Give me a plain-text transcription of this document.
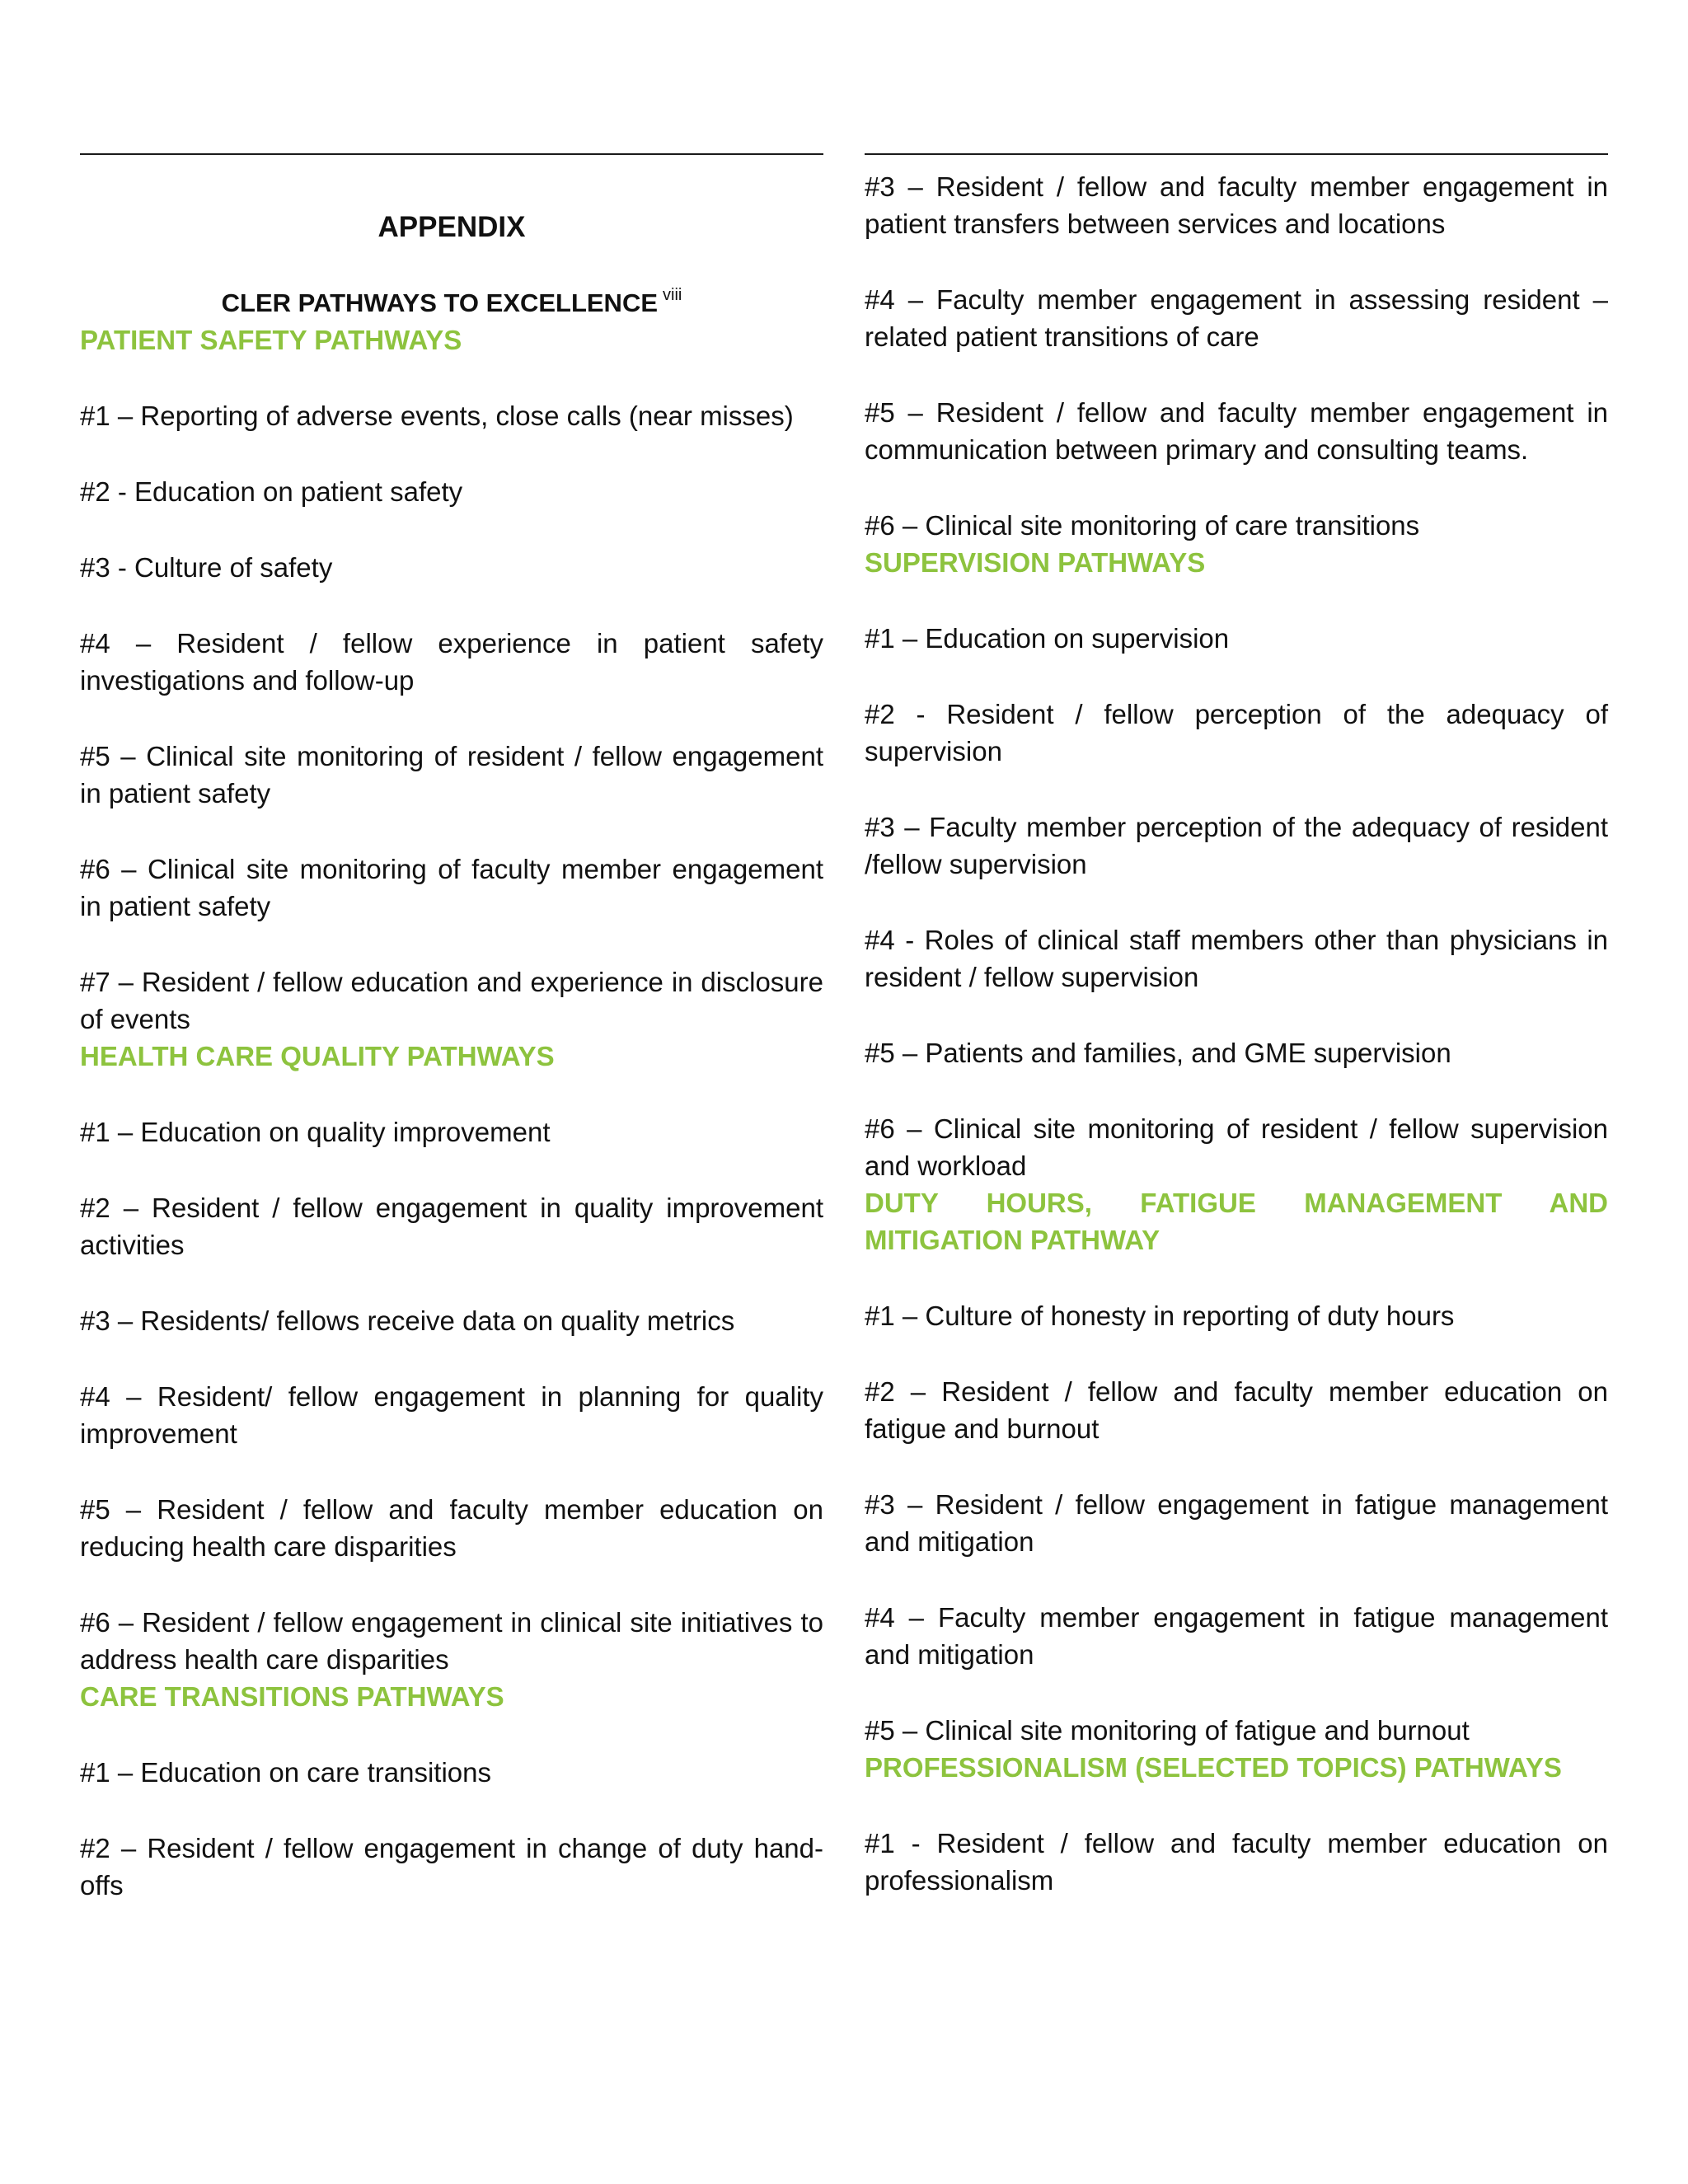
APPENDIX

CLER PATHWAYS TO EXCELLENCE $^{viii}$

PATIENT SAFETY PATHWAYS

#1 – Reporting of adverse events, close calls (near misses)

#2 - Education on patient safety

#3 - Culture of safety

#4 – Resident / fellow experience in patient safety investigations and follow-up

#5 – Clinical site monitoring of resident / fellow engagement in patient safety

#6 – Clinical site monitoring of faculty member engagement in patient safety

#7 – Resident / fellow education and experience in disclosure of events

HEALTH CARE QUALITY PATHWAYS

#1 – Education on quality improvement

#2 – Resident / fellow engagement in quality improvement activities

#3 – Residents/ fellows receive data on quality metrics

#4 – Resident/ fellow engagement in planning for quality improvement

#5 – Resident / fellow and faculty member education on reducing health care disparities

#6 – Resident / fellow engagement in clinical site initiatives to address health care disparities

CARE TRANSITIONS PATHWAYS

#1 – Education on care transitions

#2 – Resident / fellow engagement in change of duty hand-offs

#3 – Resident / fellow and faculty member engagement in patient transfers between services and locations

#4 – Faculty member engagement in assessing resident – related patient transitions of care

#5 – Resident / fellow and faculty member engagement in communication between primary and consulting teams.

#6 – Clinical site monitoring of care transitions

SUPERVISION PATHWAYS

#1 – Education on supervision

#2 - Resident / fellow perception of the adequacy of supervision

#3 – Faculty member perception of the adequacy of resident /fellow supervision

#4 - Roles of clinical staff members other than physicians in resident / fellow supervision

#5 – Patients and families, and GME supervision

#6 – Clinical site monitoring of resident / fellow supervision and workload

DUTY HOURS, FATIGUE MANAGEMENT AND MITIGATION PATHWAY

#1 – Culture of honesty in reporting of duty hours

#2 – Resident / fellow and faculty member education on fatigue and burnout

#3 – Resident / fellow engagement in fatigue management and mitigation

#4 – Faculty member engagement in fatigue management and mitigation

#5 – Clinical site monitoring of fatigue and burnout

PROFESSIONALISM (SELECTED TOPICS) PATHWAYS

#1 - Resident / fellow and faculty member education on professionalism
